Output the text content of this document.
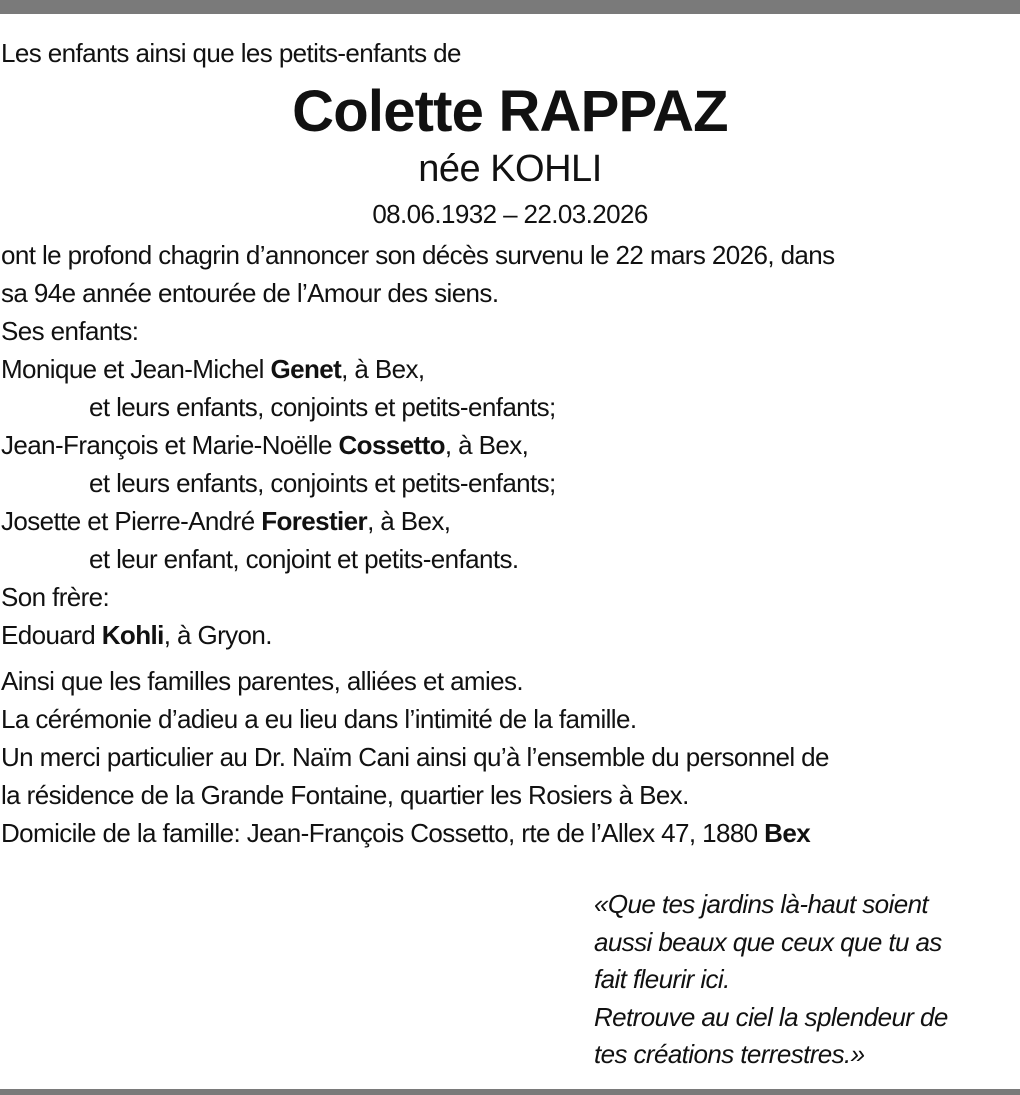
Les enfants ainsi que les petits-enfants de
Colette RAPPAZ
née KOHLI
08.06.1932 – 22.03.2026
ont le profond chagrin d’annoncer son décès survenu le 22 mars 2026, dans
sa 94e année entourée de l’Amour des siens.
Ses enfants:
Monique et Jean-Michel Genet, à Bex,
et leurs enfants, conjoints et petits-enfants;
Jean-François et Marie-Noëlle Cossetto, à Bex,
et leurs enfants, conjoints et petits-enfants;
Josette et Pierre-André Forestier, à Bex,
et leur enfant, conjoint et petits-enfants.
Son frère:
Edouard Kohli, à Gryon.
Ainsi que les familles parentes, alliées et amies.
La cérémonie d’adieu a eu lieu dans l’intimité de la famille.
Un merci particulier au Dr. Naïm Cani ainsi qu’à l’ensemble du personnel de
la résidence de la Grande Fontaine, quartier les Rosiers à Bex.
Domicile de la famille: Jean-François Cossetto, rte de l’Allex 47, 1880 Bex
«Que tes jardins là-haut soient
aussi beaux que ceux que tu as
fait fleurir ici.
Retrouve au ciel la splendeur de
tes créations terrestres.»
